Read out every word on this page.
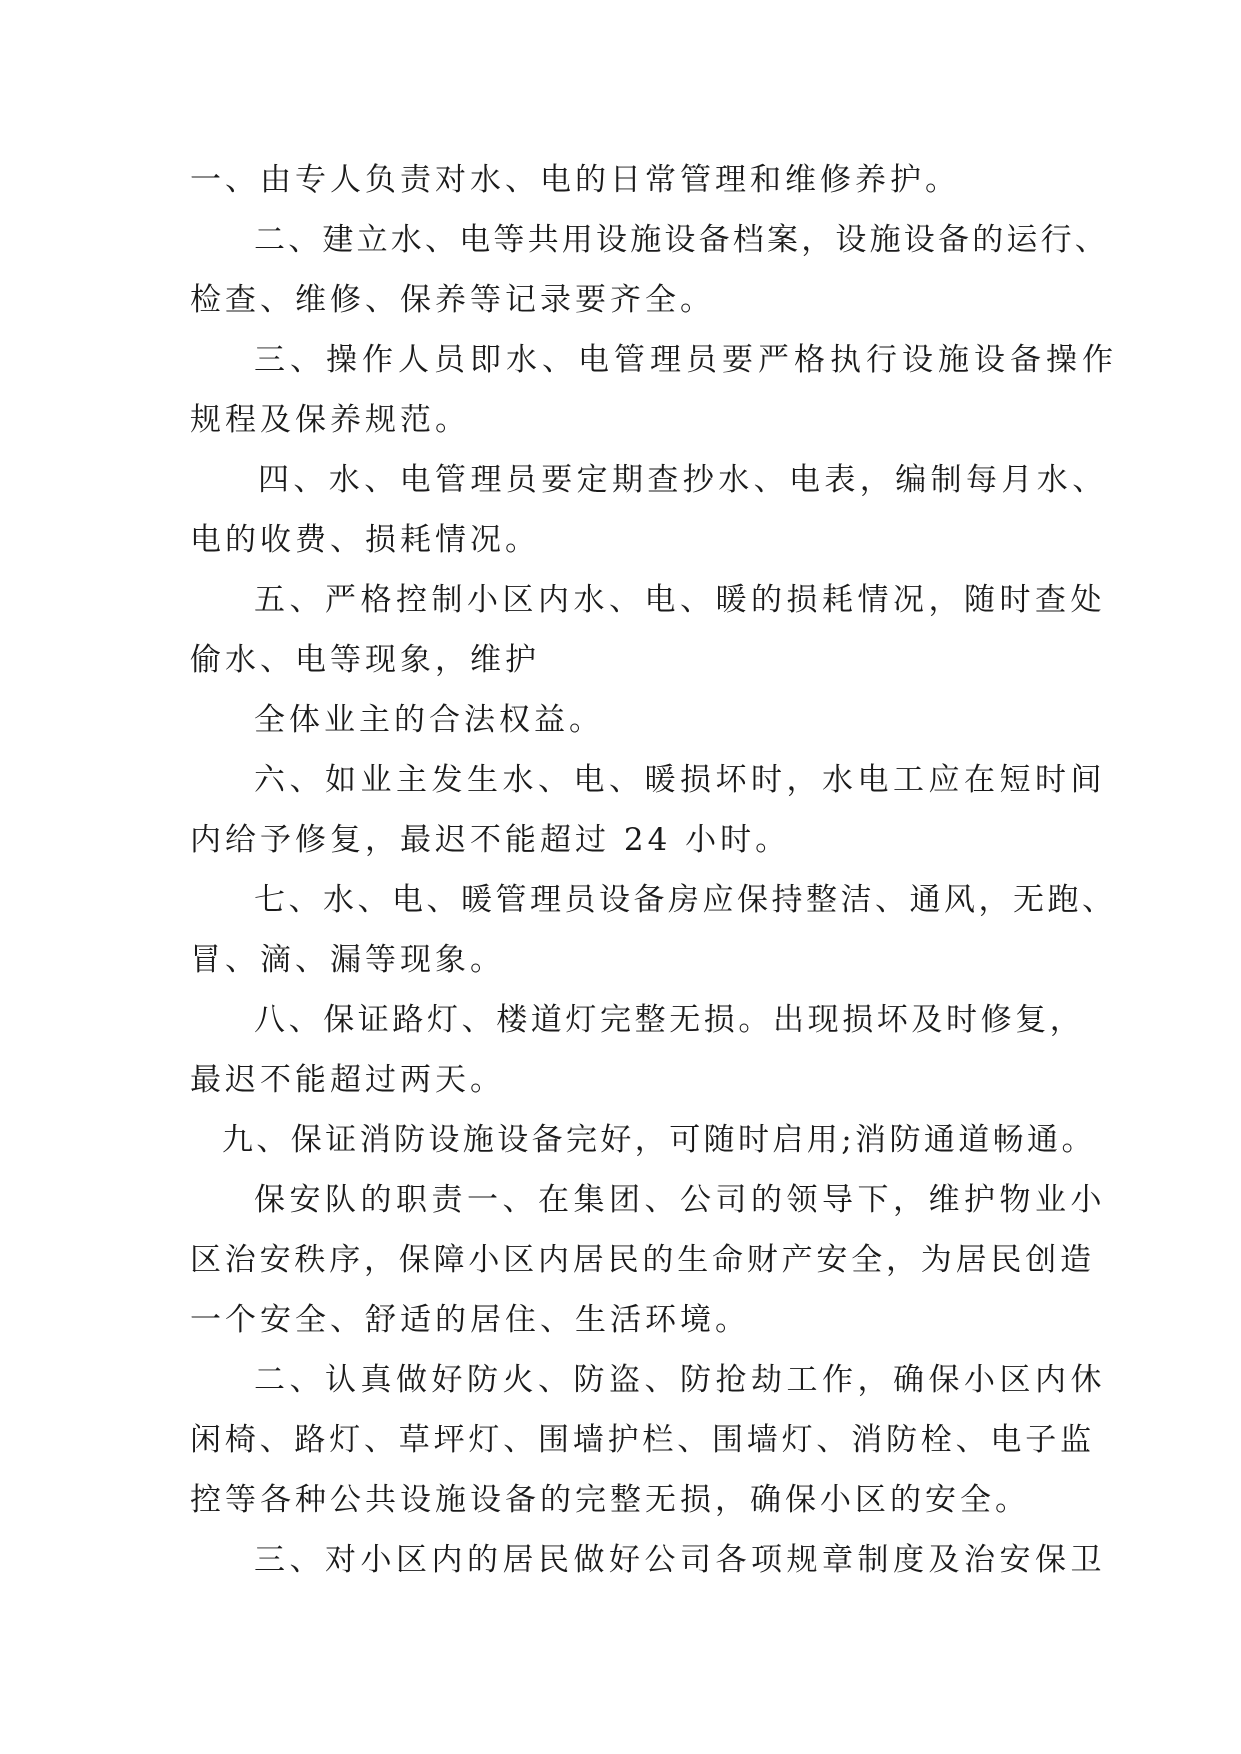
一、由专人负责对水、电的日常管理和维修养护。
二、建立水、电等共用设施设备档案，设施设备的运行、
检查、维修、保养等记录要齐全。
三、操作人员即水、电管理员要严格执行设施设备操作
规程及保养规范。
四、水、电管理员要定期查抄水、电表，编制每月水、
电的收费、损耗情况。
五、严格控制小区内水、电、暖的损耗情况，随时查处
偷水、电等现象，维护
全体业主的合法权益。
六、如业主发生水、电、暖损坏时，水电工应在短时间
内给予修复，最迟不能超过 24 小时。
七、水、电、暖管理员设备房应保持整洁、通风，无跑、
冒、滴、漏等现象。
八、保证路灯、楼道灯完整无损。出现损坏及时修复，
最迟不能超过两天。
九、保证消防设施设备完好，可随时启用;消防通道畅通。
保安队的职责一、在集团、公司的领导下，维护物业小
区治安秩序，保障小区内居民的生命财产安全，为居民创造
一个安全、舒适的居住、生活环境。
二、认真做好防火、防盗、防抢劫工作，确保小区内休
闲椅、路灯、草坪灯、围墙护栏、围墙灯、消防栓、电子监
控等各种公共设施设备的完整无损，确保小区的安全。
三、对小区内的居民做好公司各项规章制度及治安保卫
